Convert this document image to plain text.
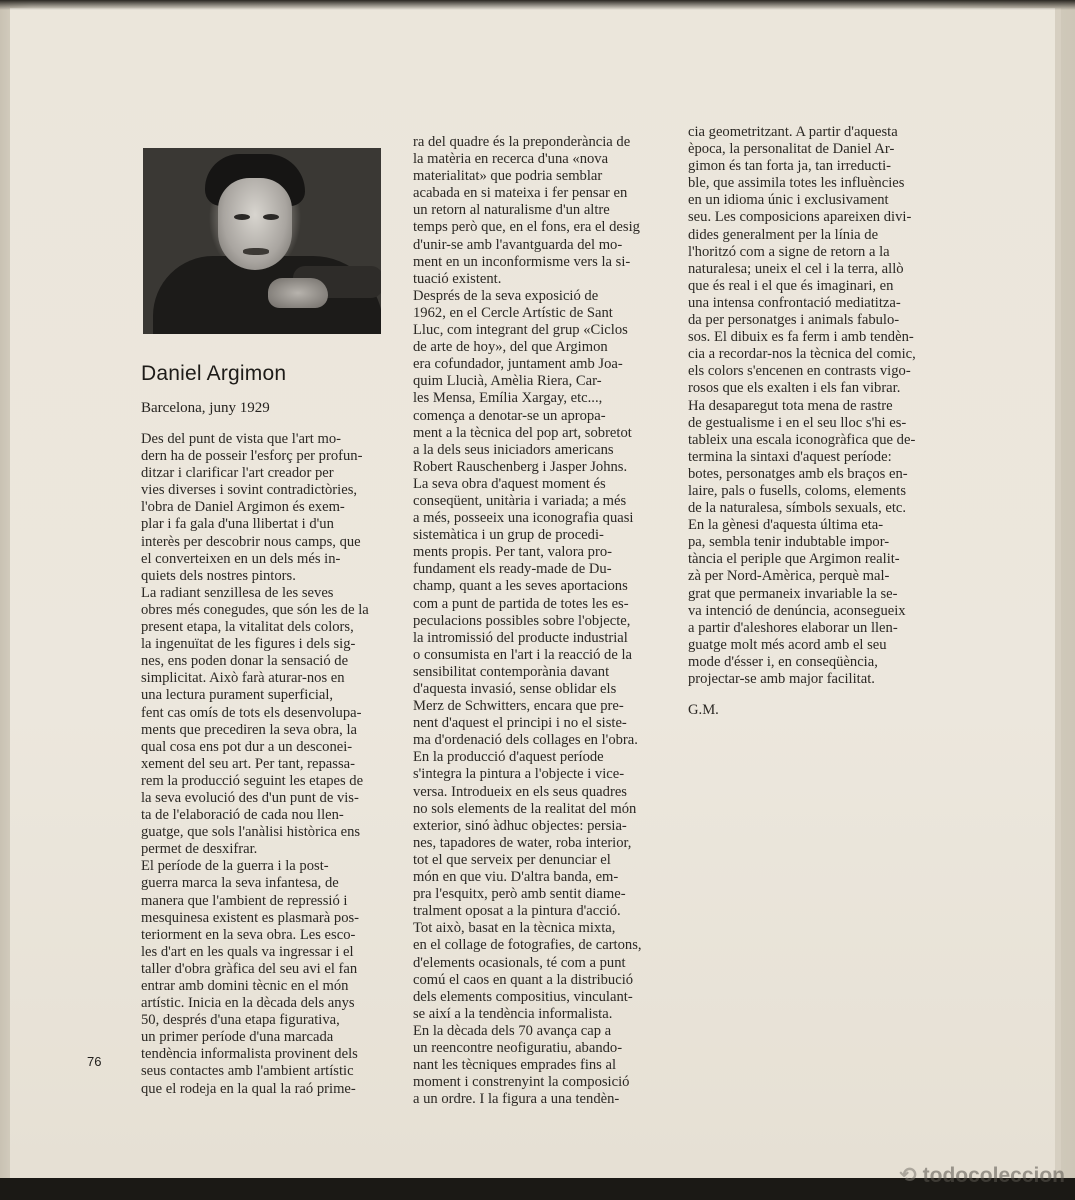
Daniel Argimon
Barcelona, juny 1929
Des del punt de vista que l'art mo-
dern ha de posseir l'esforç per profun-
ditzar i clarificar l'art creador per
vies diverses i sovint contradictòries,
l'obra de Daniel Argimon és exem-
plar i fa gala d'una llibertat i d'un
interès per descobrir nous camps, que
el converteixen en un dels més in-
quiets dels nostres pintors.
La radiant senzillesa de les seves
obres més conegudes, que són les de la
present etapa, la vitalitat dels colors,
la ingenuïtat de les figures i dels sig-
nes, ens poden donar la sensació de
simplicitat. Això farà aturar-nos en
una lectura purament superficial,
fent cas omís de tots els desenvolupa-
ments que precediren la seva obra, la
qual cosa ens pot dur a un desconei-
xement del seu art. Per tant, repassa-
rem la producció seguint les etapes de
la seva evolució des d'un punt de vis-
ta de l'elaboració de cada nou llen-
guatge, que sols l'anàlisi històrica ens
permet de desxifrar.
El període de la guerra i la post-
guerra marca la seva infantesa, de
manera que l'ambient de repressió i
mesquinesa existent es plasmarà pos-
teriorment en la seva obra. Les esco-
les d'art en les quals va ingressar i el
taller d'obra gràfica del seu avi el fan
entrar amb domini tècnic en el món
artístic. Inicia en la dècada dels anys
50, després d'una etapa figurativa,
un primer període d'una marcada
tendència informalista provinent dels
seus contactes amb l'ambient artístic
que el rodeja en la qual la raó prime-
ra del quadre és la preponderància de
la matèria en recerca d'una «nova
materialitat» que podria semblar
acabada en si mateixa i fer pensar en
un retorn al naturalisme d'un altre
temps però que, en el fons, era el desig
d'unir-se amb l'avantguarda del mo-
ment en un inconformisme vers la si-
tuació existent.
Després de la seva exposició de
1962, en el Cercle Artístic de Sant
Lluc, com integrant del grup «Ciclos
de arte de hoy», del que Argimon
era cofundador, juntament amb Joa-
quim Llucià, Amèlia Riera, Car-
les Mensa, Emília Xargay, etc...,
comença a denotar-se un apropa-
ment a la tècnica del pop art, sobretot
a la dels seus iniciadors americans
Robert Rauschenberg i Jasper Johns.
La seva obra d'aquest moment és
conseqüent, unitària i variada; a més
a més, posseeix una iconografia quasi
sistemàtica i un grup de procedi-
ments propis. Per tant, valora pro-
fundament els ready-made de Du-
champ, quant a les seves aportacions
com a punt de partida de totes les es-
peculacions possibles sobre l'objecte,
la intromissió del producte industrial
o consumista en l'art i la reacció de la
sensibilitat contemporània davant
d'aquesta invasió, sense oblidar els
Merz de Schwitters, encara que pre-
nent d'aquest el principi i no el siste-
ma d'ordenació dels collages en l'obra.
En la producció d'aquest període
s'integra la pintura a l'objecte i vice-
versa. Introdueix en els seus quadres
no sols elements de la realitat del món
exterior, sinó àdhuc objectes: persia-
nes, tapadores de water, roba interior,
tot el que serveix per denunciar el
món en que viu. D'altra banda, em-
pra l'esquitx, però amb sentit diame-
tralment oposat a la pintura d'acció.
Tot això, basat en la tècnica mixta,
en el collage de fotografies, de cartons,
d'elements ocasionals, té com a punt
comú el caos en quant a la distribució
dels elements compositius, vinculant-
se així a la tendència informalista.
En la dècada dels 70 avança cap a
un reencontre neofiguratiu, abando-
nant les tècniques emprades fins al
moment i constrenyint la composició
a un ordre. I la figura a una tendèn-
cia geometritzant. A partir d'aquesta
època, la personalitat de Daniel Ar-
gimon és tan forta ja, tan irreducti-
ble, que assimila totes les influències
en un idioma únic i exclusivament
seu. Les composicions apareixen divi-
dides generalment per la línia de
l'horitzó com a signe de retorn a la
naturalesa; uneix el cel i la terra, allò
que és real i el que és imaginari, en
una intensa confrontació mediatitza-
da per personatges i animals fabulo-
sos. El dibuix es fa ferm i amb tendèn-
cia a recordar-nos la tècnica del comic,
els colors s'encenen en contrasts vigo-
rosos que els exalten i els fan vibrar.
Ha desaparegut tota mena de rastre
de gestualisme i en el seu lloc s'hi es-
tableix una escala iconogràfica que de-
termina la sintaxi d'aquest període:
botes, personatges amb els braços en-
laire, pals o fusells, coloms, elements
de la naturalesa, símbols sexuals, etc.
En la gènesi d'aquesta última eta-
pa, sembla tenir indubtable impor-
tància el periple que Argimon realit-
zà per Nord-Amèrica, perquè mal-
grat que permaneix invariable la se-
va intenció de denúncia, aconsegueix
a partir d'aleshores elaborar un llen-
guatge molt més acord amb el seu
mode d'ésser i, en conseqüència,
projectar-se amb major facilitat.
G.M.
76
⟲ todocoleccion
